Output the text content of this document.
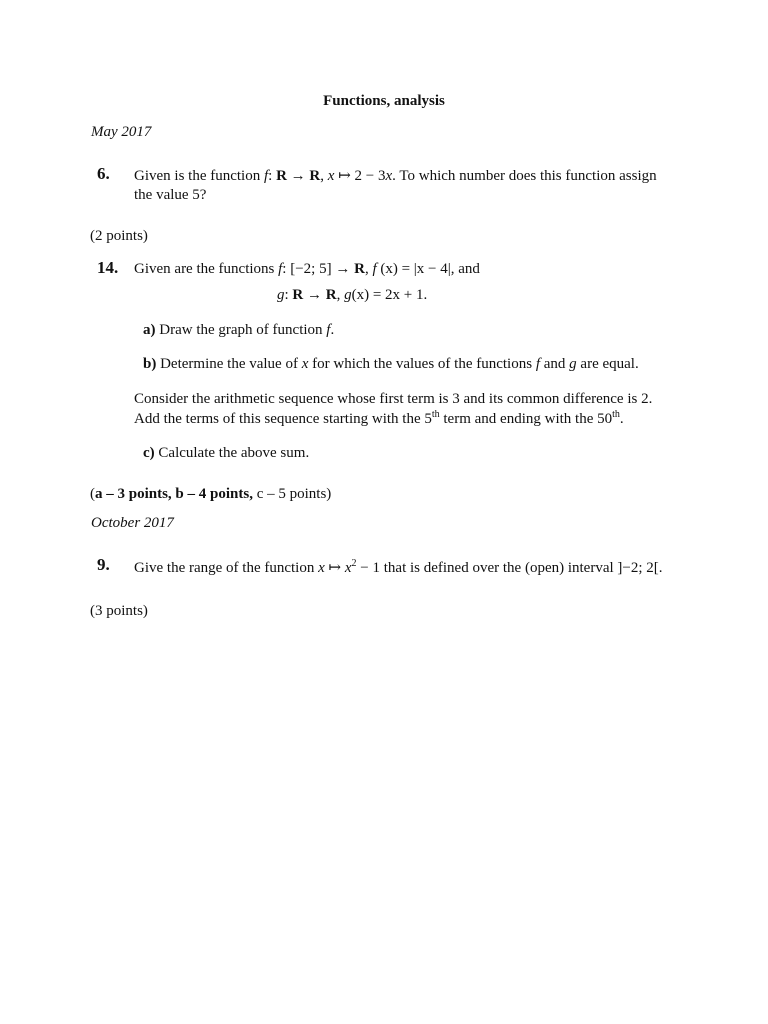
Functions, analysis
May 2017
6. Given is the function f: R → R, x ↦ 2 − 3x. To which number does this function assign
the value 5?
(2 points)
14. Given are the functions f: [−2; 5] → R, f (x) = |x − 4|, and
g: R → R, g(x) = 2x + 1.
a) Draw the graph of function f.
b) Determine the value of x for which the values of the functions f and g are equal.
Consider the arithmetic sequence whose first term is 3 and its common difference is 2.
Add the terms of this sequence starting with the 5th term and ending with the 50th.
c) Calculate the above sum.
(a – 3 points, b – 4 points, c – 5 points)
October 2017
9. Give the range of the function x ↦ $x^2 - 1$ that is defined over the (open) interval ]−2; 2[.
(3 points)
